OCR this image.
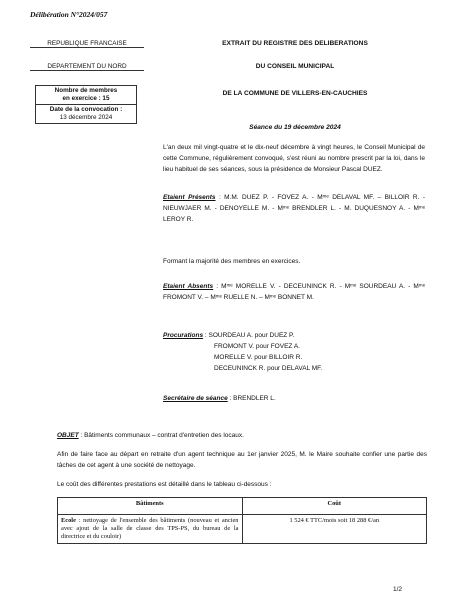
Délibération N°2024/057
REPUBLIQUE FRANCAISE
DEPARTEMENT DU NORD
EXTRAIT DU REGISTRE DES DELIBERATIONS
DU CONSEIL MUNICIPAL
DE LA COMMUNE DE VILLERS-EN-CAUCHIES
Nombre de membres
en exercice : 15
Date de la convocation :
13 décembre 2024
Séance du 19 décembre 2024
L'an deux mil vingt-quatre et le dix-neuf décembre à vingt heures, le Conseil Municipal de cette Commune, régulièrement convoqué, s'est réuni au nombre prescrit par la loi, dans le lieu habituel de ses séances, sous la présidence de Monsieur Pascal DUEZ.
Etaient Présents : M.M. DUEZ P. - FOVEZ A. - Mᵐᵉ DELAVAL MF. – BILLOIR R. - NIEUWJAER M. - DENOYELLE M. - Mᵐᵉ BRENDLER L. - M. DUQUESNOY A. - Mᵐᵉ LEROY R.
Formant la majorité des membres en exercices.
Etaient Absents : Mᵐᵉ MORELLE V. - DECEUNINCK R. - Mᵐᵉ SOURDEAU A. - Mᵐᵉ FROMONT V. – Mᵐᵉ RUELLE N. – Mᵐᵉ BONNET M.
Procurations : SOURDEAU A. pour DUEZ P.
FROMONT V. pour FOVEZ A.
MORELLE V. pour BILLOIR R.
DECEUNINCK R. pour DELAVAL MF.
Secrétaire de séance : BRENDLER L.
OBJET : Bâtiments communaux – contrat d'entretien des locaux.
Afin de faire face au départ en retraite d'un agent technique au 1er janvier 2025, M. le Maire souhaite confier une partie des tâches de cet agent à une société de nettoyage.
Le coût des différentes prestations est détaillé dans le tableau ci-dessous :
Bâtiments	Coût
Ecole : nettoyage de l'ensemble des bâtiments (nouveau et ancien avec ajout de la salle de classe des TPS-PS, du bureau de la directrice et du couloir)	1 524 € TTC/mois soit 18 288 €/an
1/2
